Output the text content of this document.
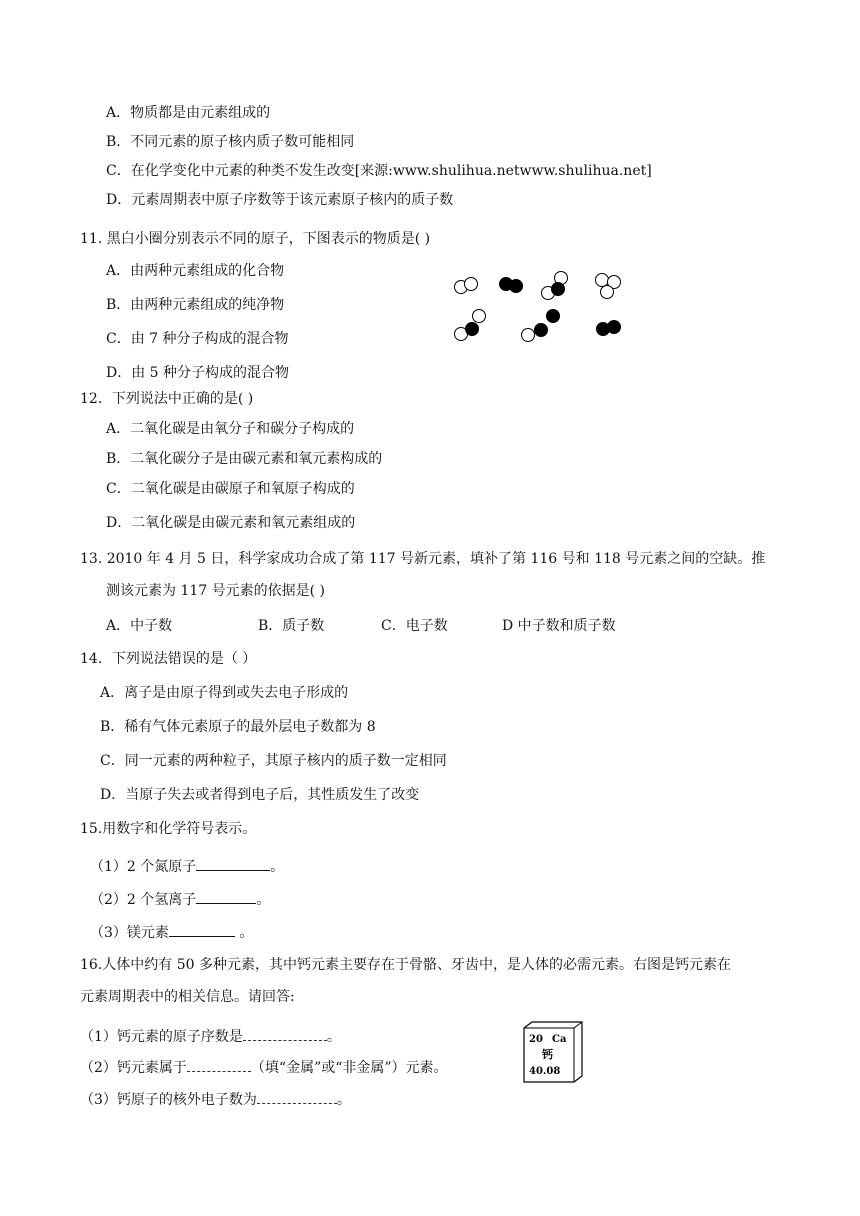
A．物质都是由元素组成的
B．不同元素的原子核内质子数可能相同
C．在化学变化中元素的种类不发生改变[来源:www.shulihua.netwww.shulihua.net]
D．元素周期表中原子序数等于该元素原子核内的质子数
11. 黑白小圈分别表示不同的原子，下图表示的物质是( )
A．由两种元素组成的化合物
B．由两种元素组成的纯净物
C．由 7 种分子构成的混合物
D．由 5 种分子构成的混合物
12．下列说法中正确的是( )
A．二氧化碳是由氧分子和碳分子构成的
B．二氧化碳分子是由碳元素和氧元素构成的
C．二氧化碳是由碳原子和氧原子构成的
D．二氧化碳是由碳元素和氧元素组成的
13. 2010 年 4 月 5 日，科学家成功合成了第 117 号新元素，填补了第 116 号和 118 号元素之间的空缺。推
测该元素为 117 号元素的依据是( )
A．中子数	B．质子数	C．电子数	D 中子数和质子数
14．下列说法错误的是（ ）
A．离子是由原子得到或失去电子形成的
B．稀有气体元素原子的最外层电子数都为 8
C．同一元素的两种粒子，其原子核内的质子数一定相同
D．当原子失去或者得到电子后，其性质发生了改变
15.用数字和化学符号表示。
（1）2 个氮原子	。
（2）2 个氢离子	。
（3）镁元素	。
16.人体中约有 50 多种元素，其中钙元素主要存在于骨骼、牙齿中，是人体的必需元素。右图是钙元素在
元素周期表中的相关信息。请回答:
（1）钙元素的原子序数是	。
（2）钙元素属于	（填“金属”或“非金属”）元素。
（3）钙原子的核外电子数为	。
20 Ca
钙
40.08
